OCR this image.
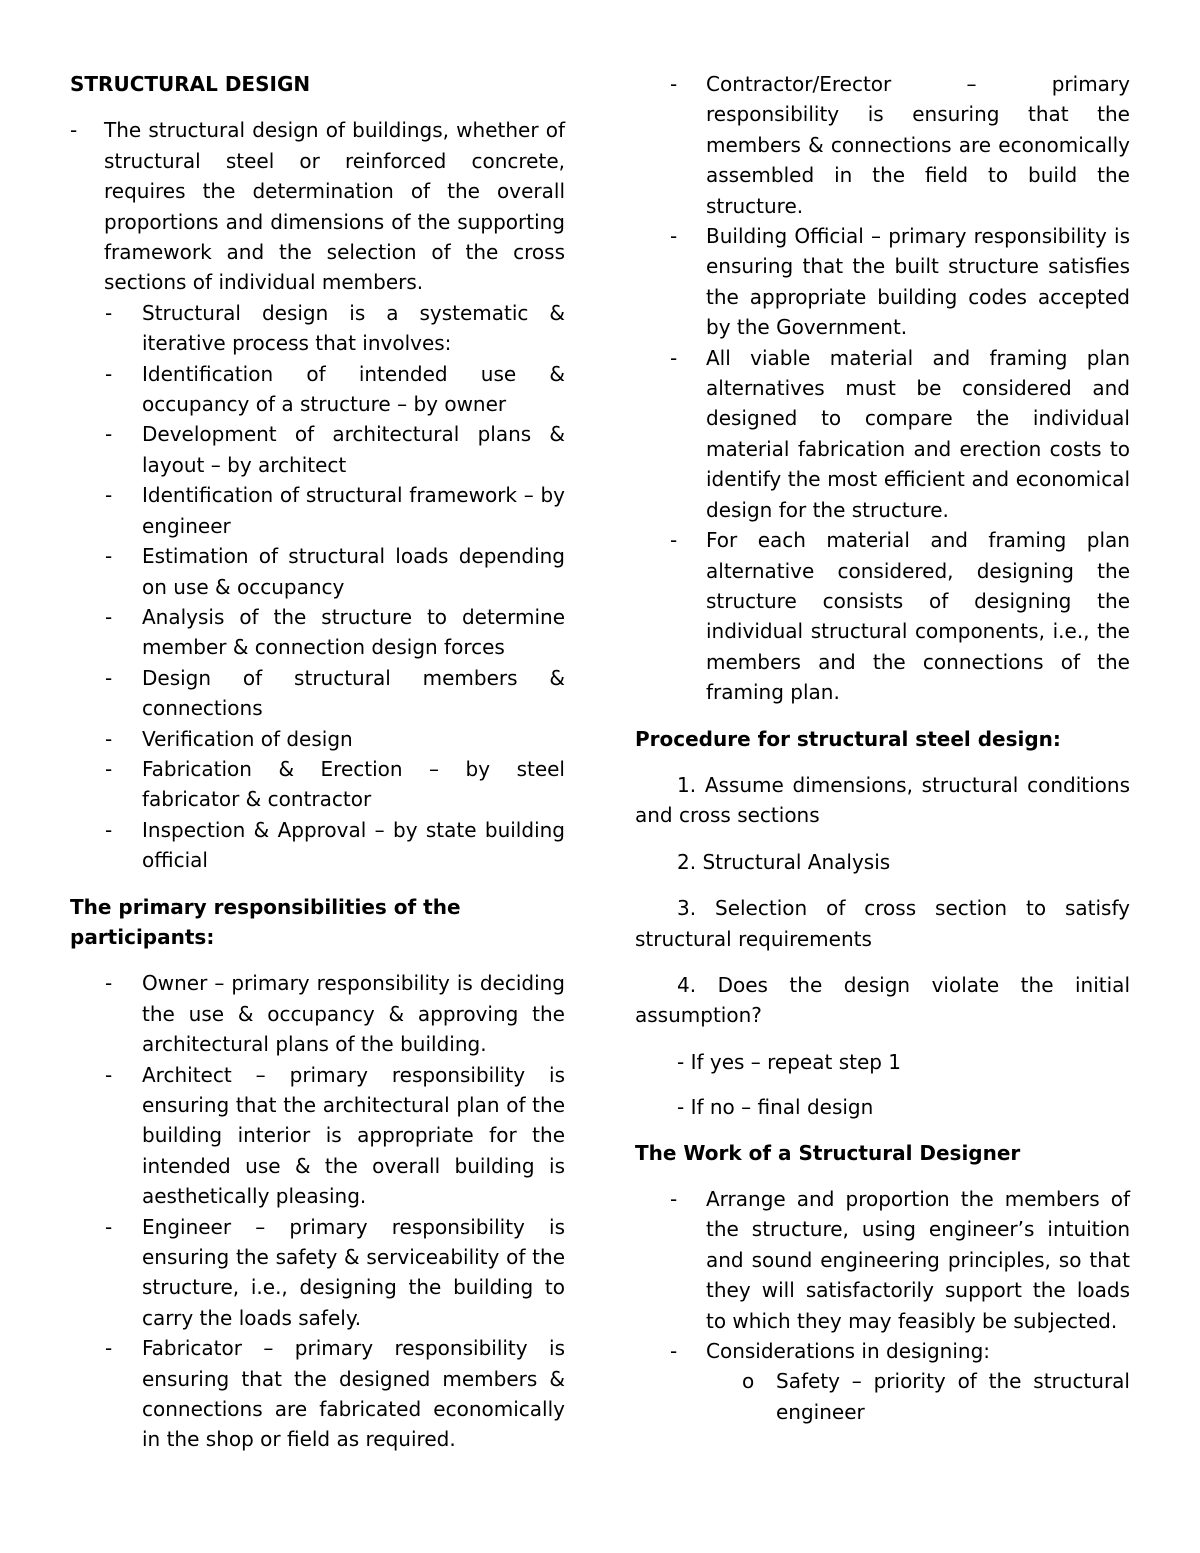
STRUCTURAL DESIGN
- The structural design of buildings, whether of structural steel or reinforced concrete, requires the determination of the overall proportions and dimensions of the supporting framework and the selection of the cross sections of individual members.
- Structural design is a systematic & iterative process that involves:
- Identification of intended use & occupancy of a structure – by owner
- Development of architectural plans & layout – by architect
- Identification of structural framework – by engineer
- Estimation of structural loads depending on use & occupancy
- Analysis of the structure to determine member & connection design forces
- Design of structural members & connections
- Verification of design
- Fabrication & Erection – by steel fabricator & contractor
- Inspection & Approval – by state building official
The primary responsibilities of the participants:
- Owner – primary responsibility is deciding the use & occupancy & approving the architectural plans of the building.
- Architect – primary responsibility is ensuring that the architectural plan of the building interior is appropriate for the intended use & the overall building is aesthetically pleasing.
- Engineer – primary responsibility is ensuring the safety & serviceability of the structure, i.e., designing the building to carry the loads safely.
- Fabricator – primary responsibility is ensuring that the designed members & connections are fabricated economically in the shop or field as required.
- Contractor/Erector – primary responsibility is ensuring that the members & connections are economically assembled in the field to build the structure.
- Building Official – primary responsibility is ensuring that the built structure satisfies the appropriate building codes accepted by the Government.
- All viable material and framing plan alternatives must be considered and designed to compare the individual material fabrication and erection costs to identify the most efficient and economical design for the structure.
- For each material and framing plan alternative considered, designing the structure consists of designing the individual structural components, i.e., the members and the connections of the framing plan.
Procedure for structural steel design:

1. Assume dimensions, structural conditions and cross sections

2. Structural Analysis

3. Selection of cross section to satisfy structural requirements

4. Does the design violate the initial assumption?

- If yes – repeat step 1

- If no – final design

The Work of a Structural Designer
- Arrange and proportion the members of the structure, using engineer’s intuition and sound engineering principles, so that they will satisfactorily support the loads to which they may feasibly be subjected.
- Considerations in designing:
o Safety – priority of the structural engineer
